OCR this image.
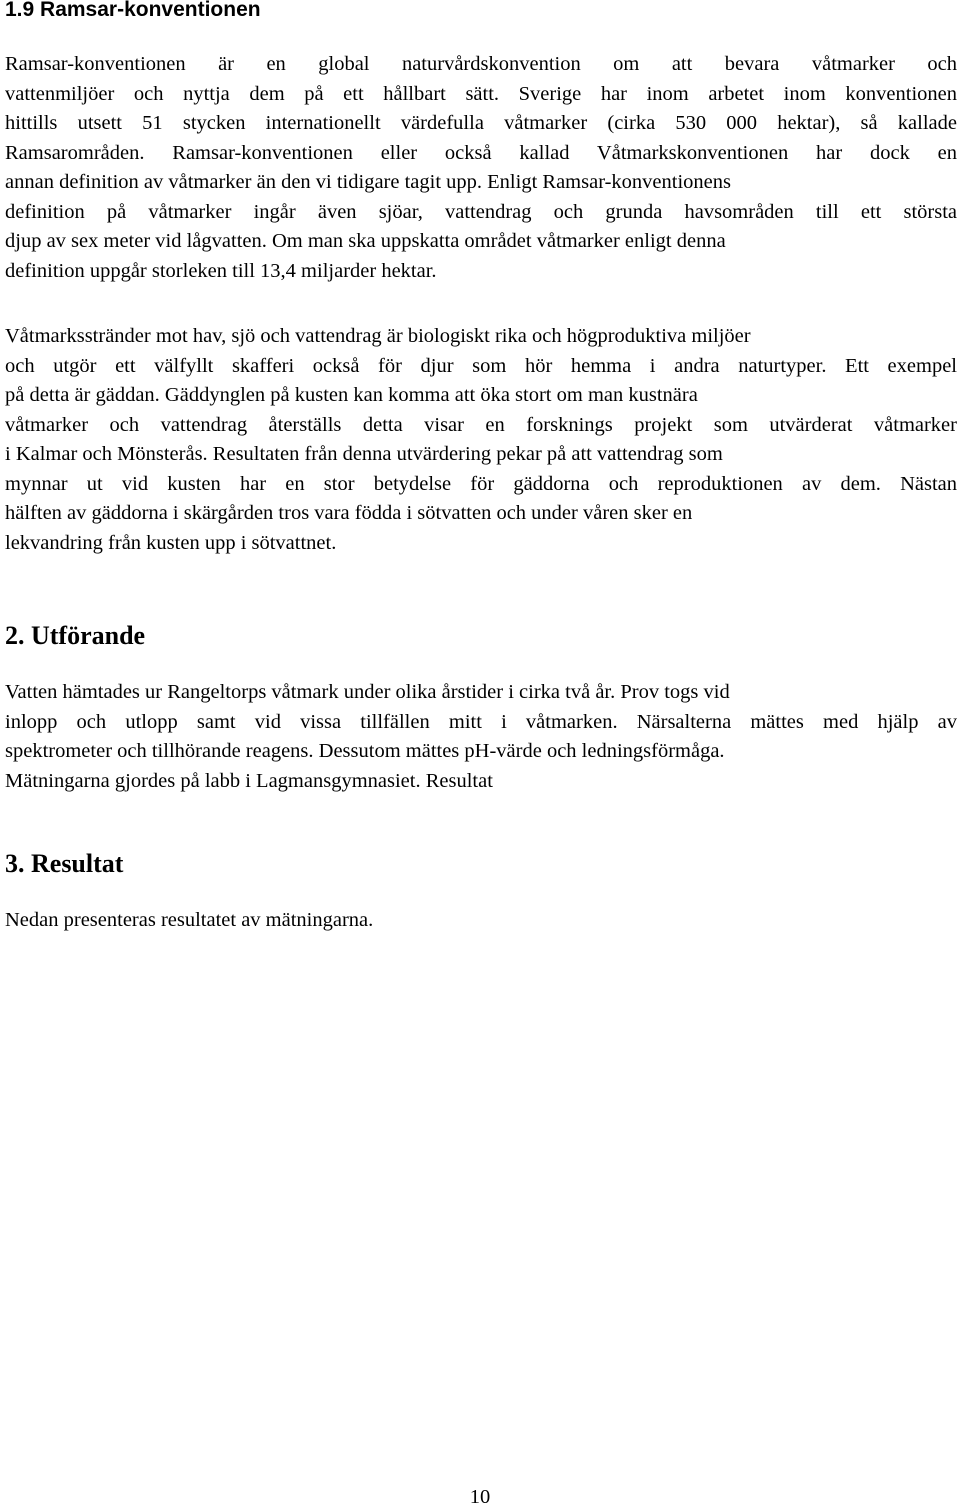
1.9 Ramsar-konventionen

Ramsar-konventionen är en global naturvårdskonvention om att bevara våtmarker och
vattenmiljöer och nyttja dem på ett hållbart sätt. Sverige har inom arbetet inom konventionen
hittills utsett 51 stycken internationellt värdefulla våtmarker (cirka 530 000 hektar), så kallade
Ramsarområden. Ramsar-konventionen eller också kallad Våtmarkskonventionen har dock en
annan definition av våtmarker än den vi tidigare tagit upp. Enligt Ramsar-konventionens
definition på våtmarker ingår även sjöar, vattendrag och grunda havsområden till ett största
djup av sex meter vid lågvatten. Om man ska uppskatta området våtmarker enligt denna
definition uppgår storleken till 13,4 miljarder hektar.

Våtmarksstränder mot hav, sjö och vattendrag är biologiskt rika och högproduktiva miljöer
och utgör ett välfyllt skafferi också för djur som hör hemma i andra naturtyper. Ett exempel
på detta är gäddan. Gäddynglen på kusten kan komma att öka stort om man kustnära
våtmarker och vattendrag återställs detta visar en forsknings projekt som utvärderat våtmarker
i Kalmar och Mönsterås. Resultaten från denna utvärdering pekar på att vattendrag som
mynnar ut vid kusten har en stor betydelse för gäddorna och reproduktionen av dem. Nästan
hälften av gäddorna i skärgården tros vara födda i sötvatten och under våren sker en
lekvandring från kusten upp i sötvattnet.

2. Utförande

Vatten hämtades ur Rangeltorps våtmark under olika årstider i cirka två år. Prov togs vid
inlopp och utlopp samt vid vissa tillfällen mitt i våtmarken. Närsalterna mättes med hjälp av
spektrometer och tillhörande reagens. Dessutom mättes pH-värde och ledningsförmåga.
Mätningarna gjordes på labb i Lagmansgymnasiet. Resultat

3. Resultat

Nedan presenteras resultatet av mätningarna.

10
